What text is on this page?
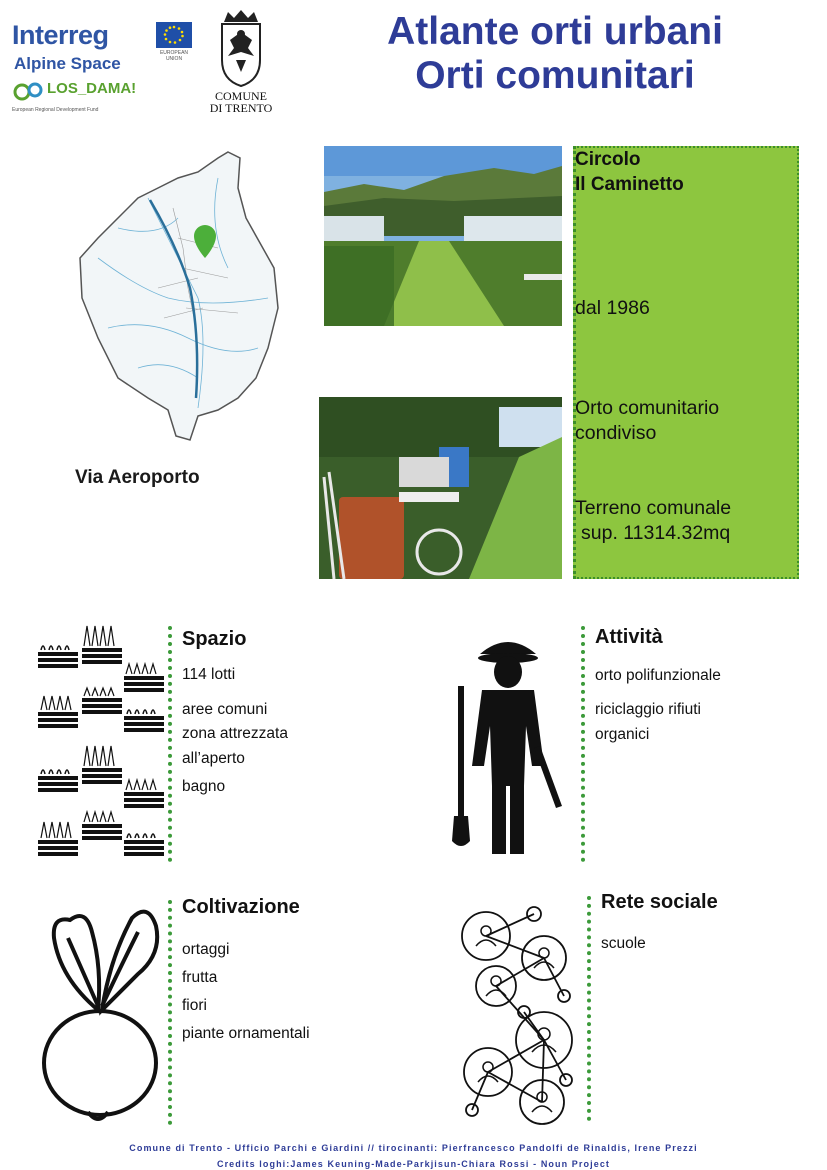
Interreg
Alpine Space
LOS_DAMA!
European Regional Development Fund
EUROPEAN UNION
COMUNE
DI TRENTO
Atlante orti urbani
Orti comunitari
Via Aeroporto
Circolo
Il Caminetto
dal 1986
Orto comunitario
condiviso
Terreno comunale
sup. 11314.32mq
Spazio
114 lotti
aree comuni
zona attrezzata
all’aperto
bagno
Attività
orto polifunzionale
riciclaggio rifiuti
organici
Coltivazione
ortaggi
frutta
fiori
piante ornamentali
Rete sociale
scuole
Comune di Trento - Ufficio Parchi e Giardini // tirocinanti: Pierfrancesco Pandolfi de Rinaldis, Irene Prezzi
Credits loghi:James Keuning-Made-Parkjisun-Chiara Rossi - Noun Project
